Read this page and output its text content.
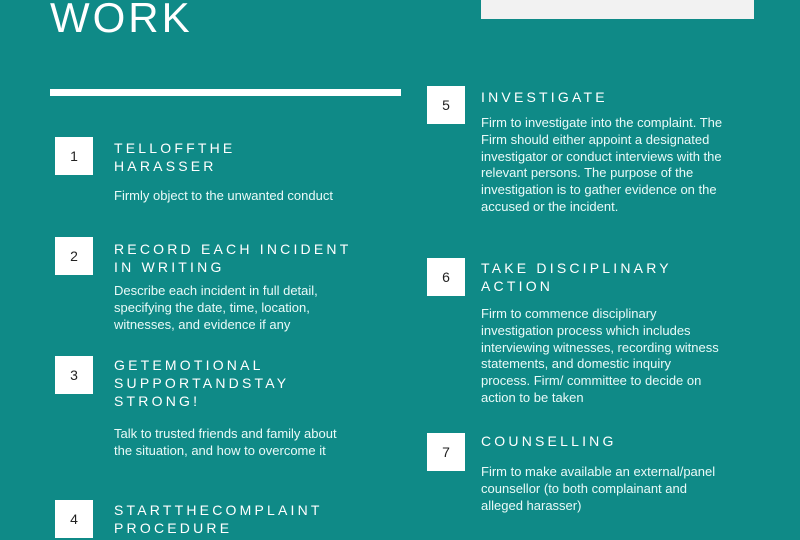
WORK
1	TELLOFFTHE HARASSER

Firmly object to the unwanted conduct

2	RECORD EACH INCIDENT IN WRITING

Describe each incident in full detail, specifying the date, time, location, witnesses, and evidence if any

3
GETEMOTIONAL SUPPORTANDSTAY STRONG!

Talk to trusted friends and family about the situation, and how to overcome it

4
STARTTHECOMPLAINT PROCEDURE
5	INVESTIGATE

Firm to investigate into the complaint. The Firm should either appoint a designated investigator or conduct interviews with the relevant persons. The purpose of the investigation is to gather evidence on the accused or the incident.

6
TAKE DISCIPLINARY ACTION

Firm to commence disciplinary investigation process which includes interviewing witnesses, recording witness statements, and domestic inquiry process. Firm/ committee to decide on action to be taken

7
COUNSELLING

Firm to make available an external/panel counsellor (to both complainant and alleged harasser)
